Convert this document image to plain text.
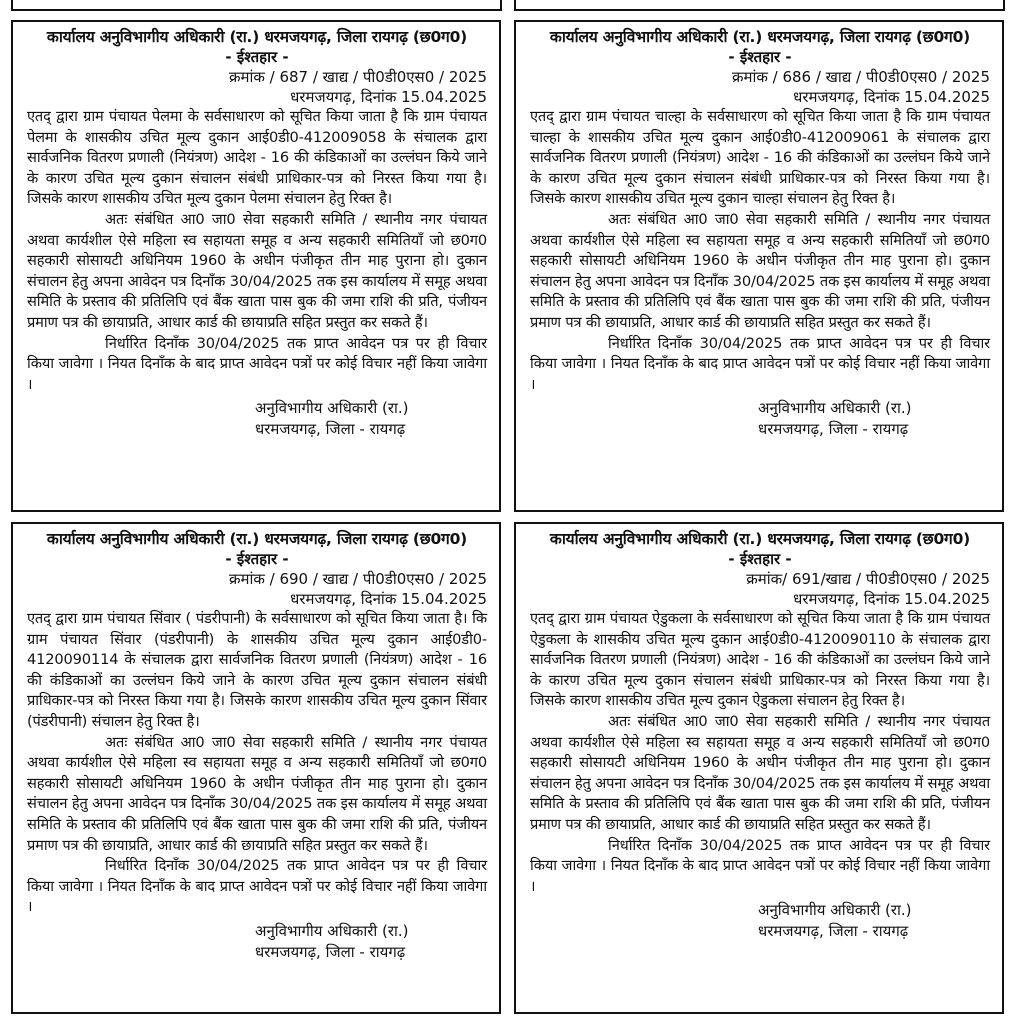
कार्यालय अनुविभागीय अधिकारी (रा.) धरमजयगढ़, जिला रायगढ़ (छ0ग0)
- ईश्तहार -
क्रमांक / 687 / खाद्य / पी0डी0एस0 / 2025
धरमजयगढ़, दिनांक 15.04.2025

एतद् द्वारा ग्राम पंचायत पेलमा के सर्वसाधारण को सूचित किया जाता है कि ग्राम पंचायत पेलमा के शासकीय उचित मूल्य दुकान आई0डी0-412009058 के संचालक द्वारा सार्वजनिक वितरण प्रणाली (नियंत्रण) आदेश - 16 की कंडिकाओं का उल्लंघन किये जाने के कारण उचित मूल्य दुकान संचालन संबंधी प्राधिकार-पत्र को निरस्त किया गया है। जिसके कारण शासकीय उचित मूल्य दुकान पेलमा संचालन हेतु रिक्त है।

अतः संबंधित आ0 जा0 सेवा सहकारी समिति / स्थानीय नगर पंचायत अथवा कार्यशील ऐसे महिला स्व सहायता समूह व अन्य सहकारी समितियाँ जो छ0ग0 सहकारी सोसायटी अधिनियम 1960 के अधीन पंजीकृत तीन माह पुराना हो। दुकान संचालन हेतु अपना आवेदन पत्र दिनाँक 30/04/2025 तक इस कार्यालय में समूह अथवा समिति के प्रस्ताव की प्रतिलिपि एवं बैंक खाता पास बुक की जमा राशि की प्रति, पंजीयन प्रमाण पत्र की छायाप्रति, आधार कार्ड की छायाप्रति सहित प्रस्तुत कर सकते हैं।

निर्धारित दिनाँक 30/04/2025 तक प्राप्त आवेदन पत्र पर ही विचार किया जावेगा । नियत दिनाँक के बाद प्राप्त आवेदन पत्रों पर कोई विचार नहीं किया जावेगा ।

अनुविभागीय अधिकारी (रा.)
धरमजयगढ़, जिला - रायगढ़
कार्यालय अनुविभागीय अधिकारी (रा.) धरमजयगढ़, जिला रायगढ़ (छ0ग0)
- ईश्तहार -
क्रमांक / 686 / खाद्य / पी0डी0एस0 / 2025
धरमजयगढ़, दिनांक 15.04.2025

एतद् द्वारा ग्राम पंचायत चाल्हा के सर्वसाधारण को सूचित किया जाता है कि ग्राम पंचायत चाल्हा के शासकीय उचित मूल्य दुकान आई0डी0-412009061 के संचालक द्वारा सार्वजनिक वितरण प्रणाली (नियंत्रण) आदेश - 16 की कंडिकाओं का उल्लंघन किये जाने के कारण उचित मूल्य दुकान संचालन संबंधी प्राधिकार-पत्र को निरस्त किया गया है। जिसके कारण शासकीय उचित मूल्य दुकान चाल्हा संचालन हेतु रिक्त है।

अतः संबंधित आ0 जा0 सेवा सहकारी समिति / स्थानीय नगर पंचायत अथवा कार्यशील ऐसे महिला स्व सहायता समूह व अन्य सहकारी समितियाँ जो छ0ग0 सहकारी सोसायटी अधिनियम 1960 के अधीन पंजीकृत तीन माह पुराना हो। दुकान संचालन हेतु अपना आवेदन पत्र दिनाँक 30/04/2025 तक इस कार्यालय में समूह अथवा समिति के प्रस्ताव की प्रतिलिपि एवं बैंक खाता पास बुक की जमा राशि की प्रति, पंजीयन प्रमाण पत्र की छायाप्रति, आधार कार्ड की छायाप्रति सहित प्रस्तुत कर सकते हैं।

निर्धारित दिनाँक 30/04/2025 तक प्राप्त आवेदन पत्र पर ही विचार किया जावेगा । नियत दिनाँक के बाद प्राप्त आवेदन पत्रों पर कोई विचार नहीं किया जावेगा ।

अनुविभागीय अधिकारी (रा.)
धरमजयगढ़, जिला - रायगढ़
कार्यालय अनुविभागीय अधिकारी (रा.) धरमजयगढ़, जिला रायगढ़ (छ0ग0)
- ईश्तहार -
क्रमांक / 690 / खाद्य / पी0डी0एस0 / 2025
धरमजयगढ़, दिनांक 15.04.2025

एतद् द्वारा ग्राम पंचायत सिंवार ( पंडरीपानी) के सर्वसाधारण को सूचित किया जाता है। कि ग्राम पंचायत सिंवार (पंडरीपानी) के शासकीय उचित मूल्य दुकान आई0डी0-4120090114 के संचालक द्वारा सार्वजनिक वितरण प्रणाली (नियंत्रण) आदेश - 16 की कंडिकाओं का उल्लंघन किये जाने के कारण उचित मूल्य दुकान संचालन संबंधी प्राधिकार-पत्र को निरस्त किया गया है। जिसके कारण शासकीय उचित मूल्य दुकान सिंवार (पंडरीपानी) संचालन हेतु रिक्त है।

अतः संबंधित आ0 जा0 सेवा सहकारी समिति / स्थानीय नगर पंचायत अथवा कार्यशील ऐसे महिला स्व सहायता समूह व अन्य सहकारी समितियाँ जो छ0ग0 सहकारी सोसायटी अधिनियम 1960 के अधीन पंजीकृत तीन माह पुराना हो। दुकान संचालन हेतु अपना आवेदन पत्र दिनाँक 30/04/2025 तक इस कार्यालय में समूह अथवा समिति के प्रस्ताव की प्रतिलिपि एवं बैंक खाता पास बुक की जमा राशि की प्रति, पंजीयन प्रमाण पत्र की छायाप्रति, आधार कार्ड की छायाप्रति सहित प्रस्तुत कर सकते हैं।

निर्धारित दिनाँक 30/04/2025 तक प्राप्त आवेदन पत्र पर ही विचार किया जावेगा । नियत दिनाँक के बाद प्राप्त आवेदन पत्रों पर कोई विचार नहीं किया जावेगा ।

अनुविभागीय अधिकारी (रा.)
धरमजयगढ़, जिला - रायगढ़
कार्यालय अनुविभागीय अधिकारी (रा.) धरमजयगढ़, जिला रायगढ़ (छ0ग0)
- ईश्तहार -
क्रमांक/ 691/खाद्य / पी0डी0एस0 / 2025
धरमजयगढ़, दिनांक 15.04.2025

एतद् द्वारा ग्राम पंचायत ऐडुकला के सर्वसाधारण को सूचित किया जाता है कि ग्राम पंचायत ऐडुकला के शासकीय उचित मूल्य दुकान आई0डी0-4120090110 के संचालक द्वारा सार्वजनिक वितरण प्रणाली (नियंत्रण) आदेश - 16 की कंडिकाओं का उल्लंघन किये जाने के कारण उचित मूल्य दुकान संचालन संबंधी प्राधिकार-पत्र को निरस्त किया गया है। जिसके कारण शासकीय उचित मूल्य दुकान ऐडुकला संचालन हेतु रिक्त है।

अतः संबंधित आ0 जा0 सेवा सहकारी समिति / स्थानीय नगर पंचायत अथवा कार्यशील ऐसे महिला स्व सहायता समूह व अन्य सहकारी समितियाँ जो छ0ग0 सहकारी सोसायटी अधिनियम 1960 के अधीन पंजीकृत तीन माह पुराना हो। दुकान संचालन हेतु अपना आवेदन पत्र दिनाँक 30/04/2025 तक इस कार्यालय में समूह अथवा समिति के प्रस्ताव की प्रतिलिपि एवं बैंक खाता पास बुक की जमा राशि की प्रति, पंजीयन प्रमाण पत्र की छायाप्रति, आधार कार्ड की छायाप्रति सहित प्रस्तुत कर सकते हैं।

निर्धारित दिनाँक 30/04/2025 तक प्राप्त आवेदन पत्र पर ही विचार किया जावेगा । नियत दिनाँक के बाद प्राप्त आवेदन पत्रों पर कोई विचार नहीं किया जावेगा ।

अनुविभागीय अधिकारी (रा.)
धरमजयगढ़, जिला - रायगढ़
